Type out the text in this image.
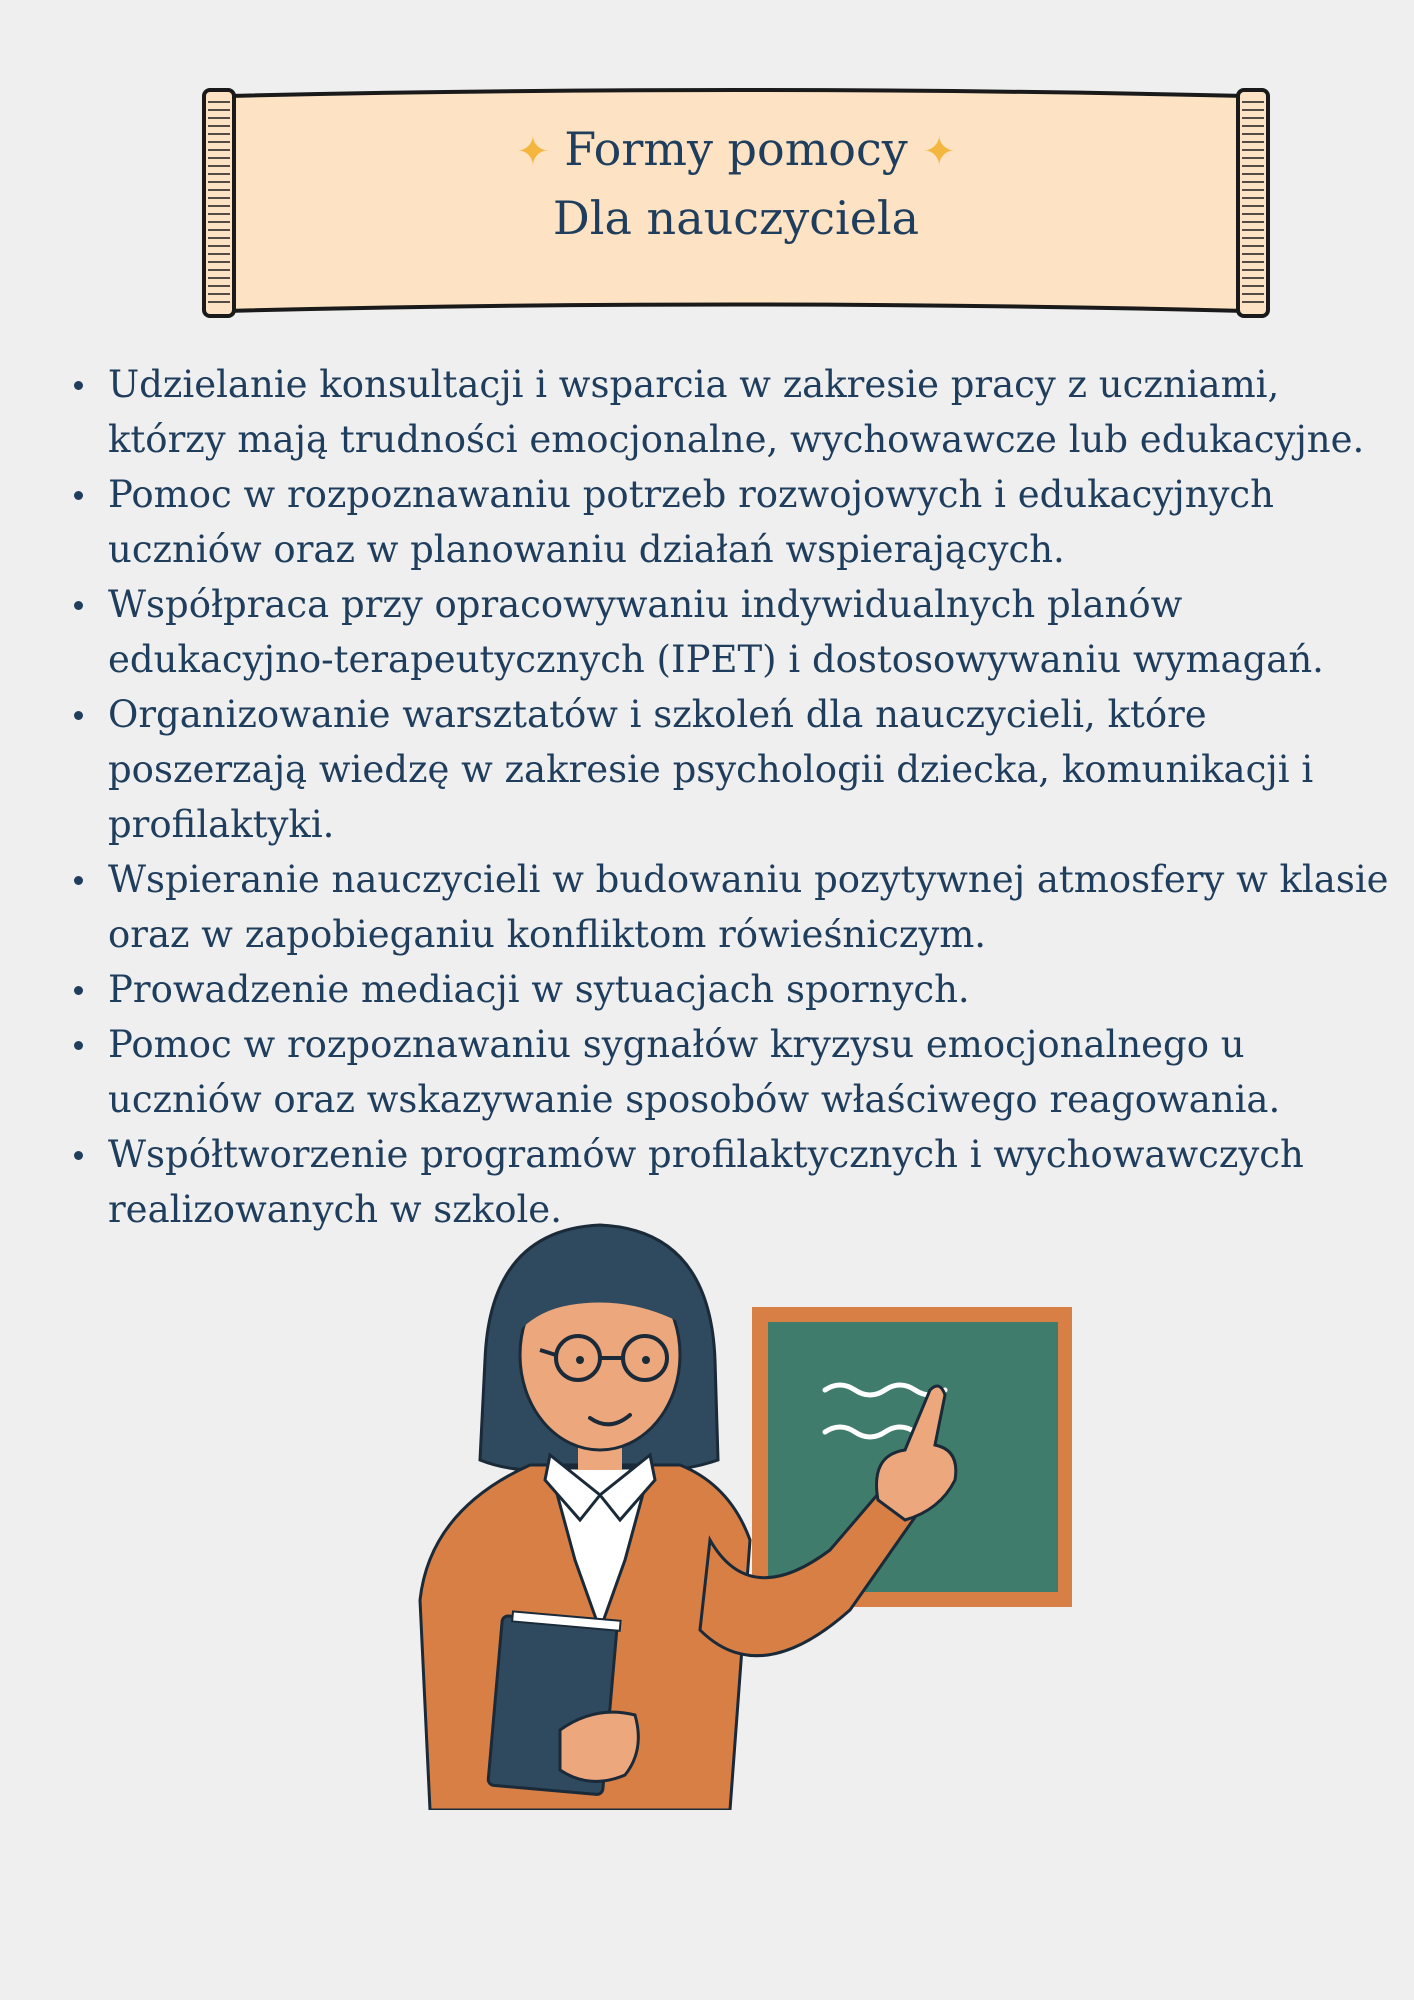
✦ Formy pomocy ✦
Dla nauczyciela
Udzielanie konsultacji i wsparcia w zakresie pracy z uczniami, którzy mają trudności emocjonalne, wychowawcze lub edukacyjne.
Pomoc w rozpoznawaniu potrzeb rozwojowych i edukacyjnych uczniów oraz w planowaniu działań wspierających.
Współpraca przy opracowywaniu indywidualnych planów edukacyjno-terapeutycznych (IPET) i dostosowywaniu wymagań.
Organizowanie warsztatów i szkoleń dla nauczycieli, które poszerzają wiedzę w zakresie psychologii dziecka, komunikacji i profilaktyki.
Wspieranie nauczycieli w budowaniu pozytywnej atmosfery w klasie oraz w zapobieganiu konfliktom rówieśniczym.
Prowadzenie mediacji w sytuacjach spornych.
Pomoc w rozpoznawaniu sygnałów kryzysu emocjonalnego u uczniów oraz wskazywanie sposobów właściwego reagowania.
Współtworzenie programów profilaktycznych i wychowawczych realizowanych w szkole.
